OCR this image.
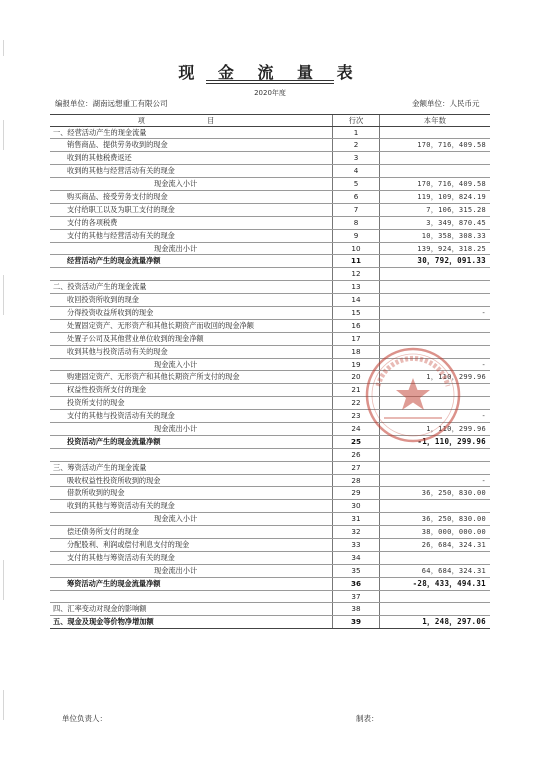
现 金 流 量 表
2020年度
编报单位：湖南远想重工有限公司	金额单位：人民币元
项 目	行次	本年数
一、经营活动产生的现金流量	1
销售商品、提供劳务收到的现金	2	170，716，409.58
收到的其他税费返还	3
收到的其他与经营活动有关的现金	4
现金流入小计	5	170，716，409.58
购买商品、接受劳务支付的现金	6	119，109，824.19
支付给职工以及为职工支付的现金	7	7，106，315.28
支付的各项税费	8	3，349，870.45
支付的其他与经营活动有关的现金	9	10，358，308.33
现金流出小计	10	139，924，318.25
经营活动产生的现金流量净额	11	30，792，091.33
12
二、投资活动产生的现金流量	13
收回投资所收到的现金	14
分得投资收益所收到的现金	15	-
处置固定资产、无形资产和其他长期资产而收回的现金净额	16
处置子公司及其他营业单位收到的现金净额	17
收到其他与投资活动有关的现金	18
现金流入小计	19	-
购建固定资产、无形资产和其他长期资产所支付的现金	20	1，110，299.96
权益性投资所支付的现金	21
投资所支付的现金	22
支付的其他与投资活动有关的现金	23	-
现金流出小计	24	1，110，299.96
投资活动产生的现金流量净额	25	-1，110，299.96
26
三、筹资活动产生的现金流量	27
吸收权益性投资所收到的现金	28	-
借款所收到的现金	29	36，250，830.00
收到的其他与筹资活动有关的现金	30
现金流入小计	31	36，250，830.00
偿还债务所支付的现金	32	38，000，000.00
分配股利、利润或偿付利息支付的现金	33	26，684，324.31
支付的其他与筹资活动有关的现金	34
现金流出小计	35	64，684，324.31
筹资活动产生的现金流量净额	36	-28，433，494.31
37
四、汇率变动对现金的影响额	38
五、现金及现金等价物净增加额	39	1，248，297.06
单位负责人：	制表：
